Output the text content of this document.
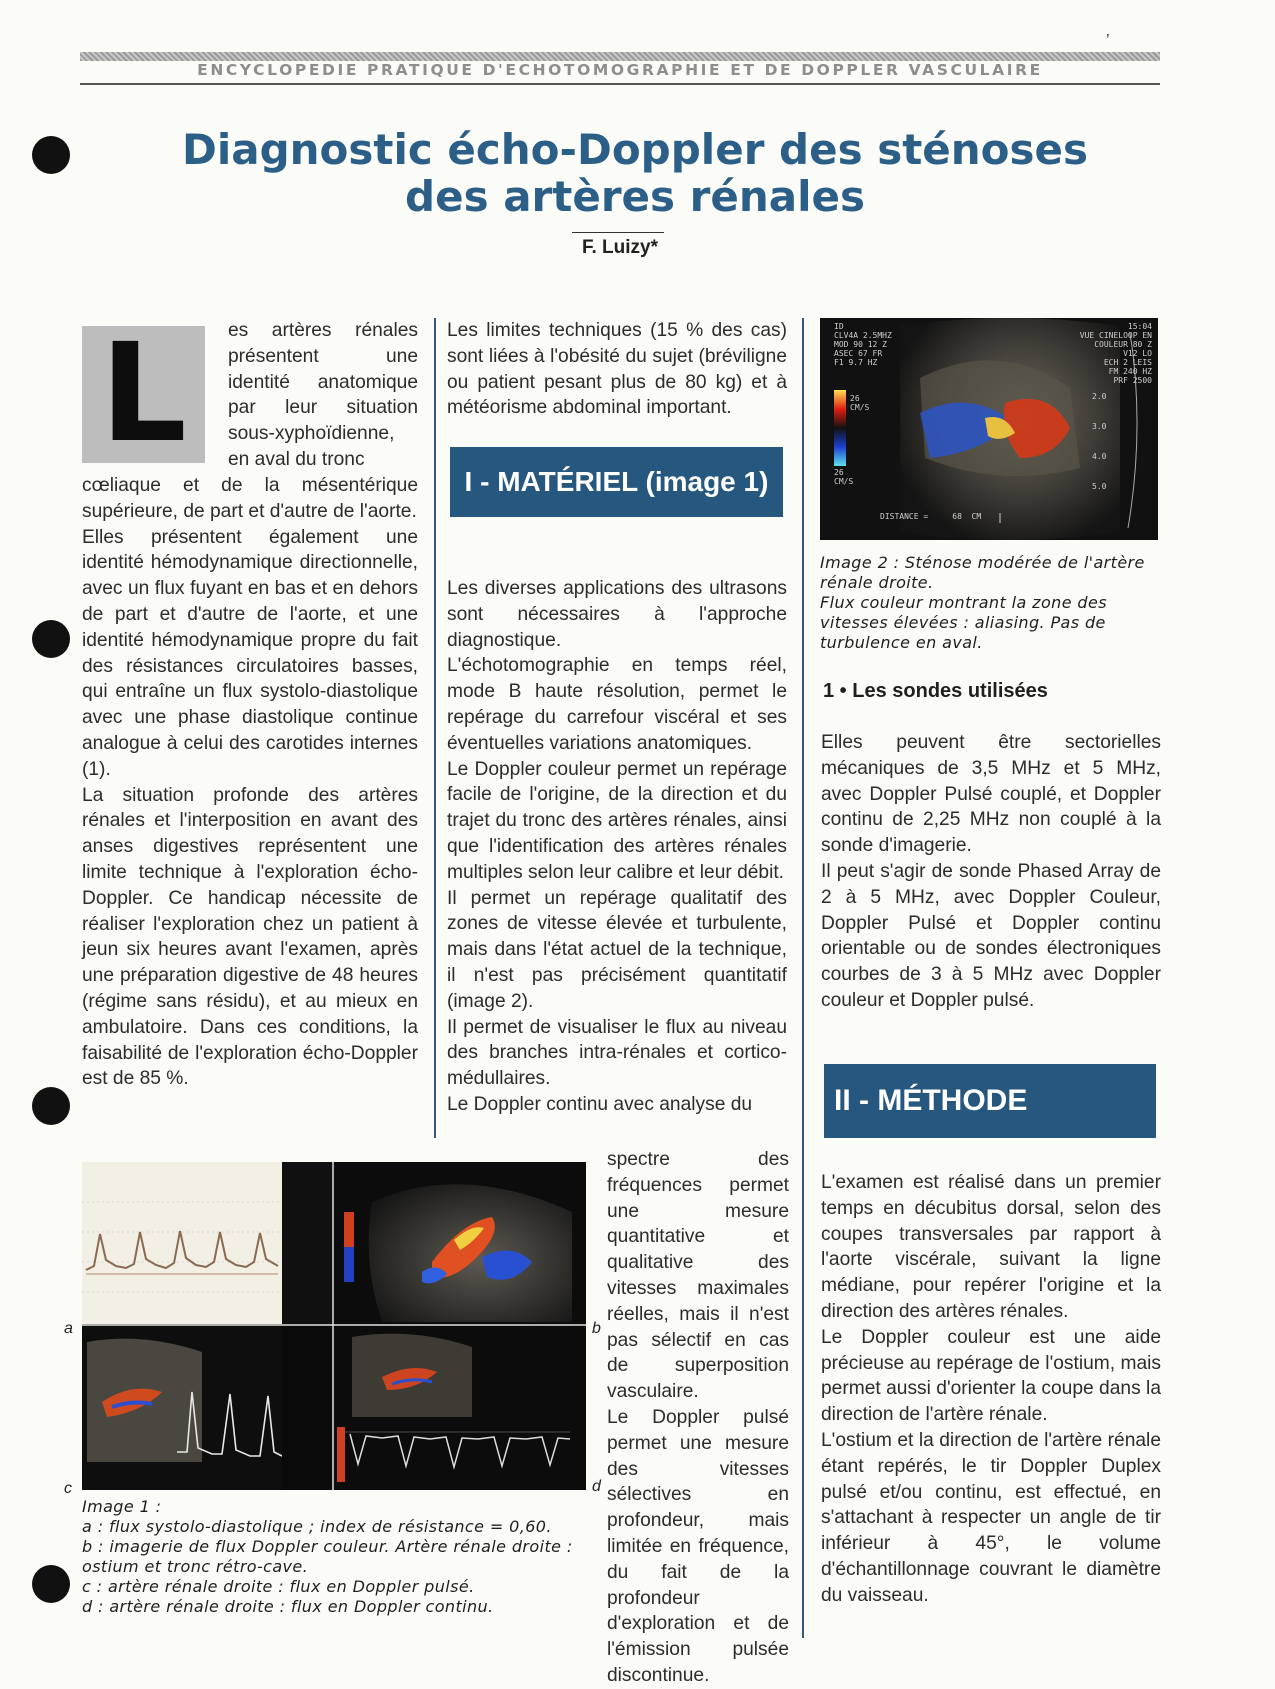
’
ENCYCLOPEDIE PRATIQUE D'ECHOTOMOGRAPHIE ET DE DOPPLER VASCULAIRE
Diagnostic écho-Doppler des sténoses
des artères rénales
F. Luizy*
L	es artères rénales présentent une identité anatomique par leur situation sous-xyphoïdienne, en aval du tronc

cœliaque et de la mésentérique supérieure, de part et d'autre de l'aorte.

Elles présentent également une identité hémodynamique directionnelle, avec un flux fuyant en bas et en dehors de part et d'autre de l'aorte, et une identité hémodynamique propre du fait des résistances circulatoires basses, qui entraîne un flux systolo-diastolique avec une phase diastolique continue analogue à celui des carotides internes (1).

La situation profonde des artères rénales et l'interposition en avant des anses digestives représentent une limite technique à l'exploration écho-Doppler. Ce handicap nécessite de réaliser l'exploration chez un patient à jeun six heures avant l'examen, après une préparation digestive de 48 heures (régime sans résidu), et au mieux en ambulatoire. Dans ces conditions, la faisabilité de l'exploration écho-Doppler est de 85 %.

Les limites techniques (15 % des cas) sont liées à l'obésité du sujet (bréviligne ou patient pesant plus de 80 kg) et à météorisme abdominal important.

I - MATÉRIEL (image 1)

Les diverses applications des ultrasons sont nécessaires à l'approche diagnostique.

L'échotomographie en temps réel, mode B haute résolution, permet le repérage du carrefour viscéral et ses éventuelles variations anatomiques.

Le Doppler couleur permet un repérage facile de l'origine, de la direction et du trajet du tronc des artères rénales, ainsi que l'identification des artères rénales multiples selon leur calibre et leur débit.

Il permet un repérage qualitatif des zones de vitesse élevée et turbulente, mais dans l'état actuel de la technique, il n'est pas précisément quantitatif (image 2).

Il permet de visualiser le flux au niveau des branches intra-rénales et cortico-médullaires.

Le Doppler continu avec analyse du

spectre des fréquences permet une mesure quantitative et qualitative des vitesses maximales réelles, mais il n'est pas sélectif en cas de superposition vasculaire.

Le Doppler pulsé permet une mesure des vitesses sélectives en profondeur, mais limitée en fréquence, du fait de la profondeur d'exploration et de l'émission pulsée discontinue.

ID
CLV4A 2.5MHZ
MOD 90 12 Z
ASEC 67 FR
F1 9.7 HZ
15:04
VUE CINELOOP EN
COULEUR 80 Z
V12 LO
ECH 2 LEIS
FM 240 HZ
PRF 2500
26
CM/S
26
CM/S
2.0
3.0
4.0
5.0
DISTANCE =     68  CM

Image 2 : Sténose modérée de l'artère rénale droite.

Flux couleur montrant la zone des vitesses élevées : aliasing. Pas de turbulence en aval.

1 • Les sondes utilisées

Elles peuvent être sectorielles mécaniques de 3,5 MHz et 5 MHz, avec Doppler Pulsé couplé, et Doppler continu de 2,25 MHz non couplé à la sonde d'imagerie.

Il peut s'agir de sonde Phased Array de 2 à 5 MHz, avec Doppler Couleur, Doppler Pulsé et Doppler continu orientable ou de sondes électroniques courbes de 3 à 5 MHz avec Doppler couleur et Doppler pulsé.

II - MÉTHODE

L'examen est réalisé dans un premier temps en décubitus dorsal, selon des coupes transversales par rapport à l'aorte viscérale, suivant la ligne médiane, pour repérer l'origine et la direction des artères rénales.

Le Doppler couleur est une aide précieuse au repérage de l'ostium, mais permet aussi d'orienter la coupe dans la direction de l'artère rénale.

L'ostium et la direction de l'artère rénale étant repérés, le tir Doppler Duplex pulsé et/ou continu, est effectué, en s'attachant à respecter un angle de tir inférieur à 45°, le volume d'échantillonnage couvrant le diamètre du vaisseau.

a	b
c	d

Image 1 :

a : flux systolo-diastolique ; index de résistance = 0,60.

b : imagerie de flux Doppler couleur. Artère rénale droite : ostium et tronc rétro-cave.

c : artère rénale droite : flux en Doppler pulsé.

d : artère rénale droite : flux en Doppler continu.
